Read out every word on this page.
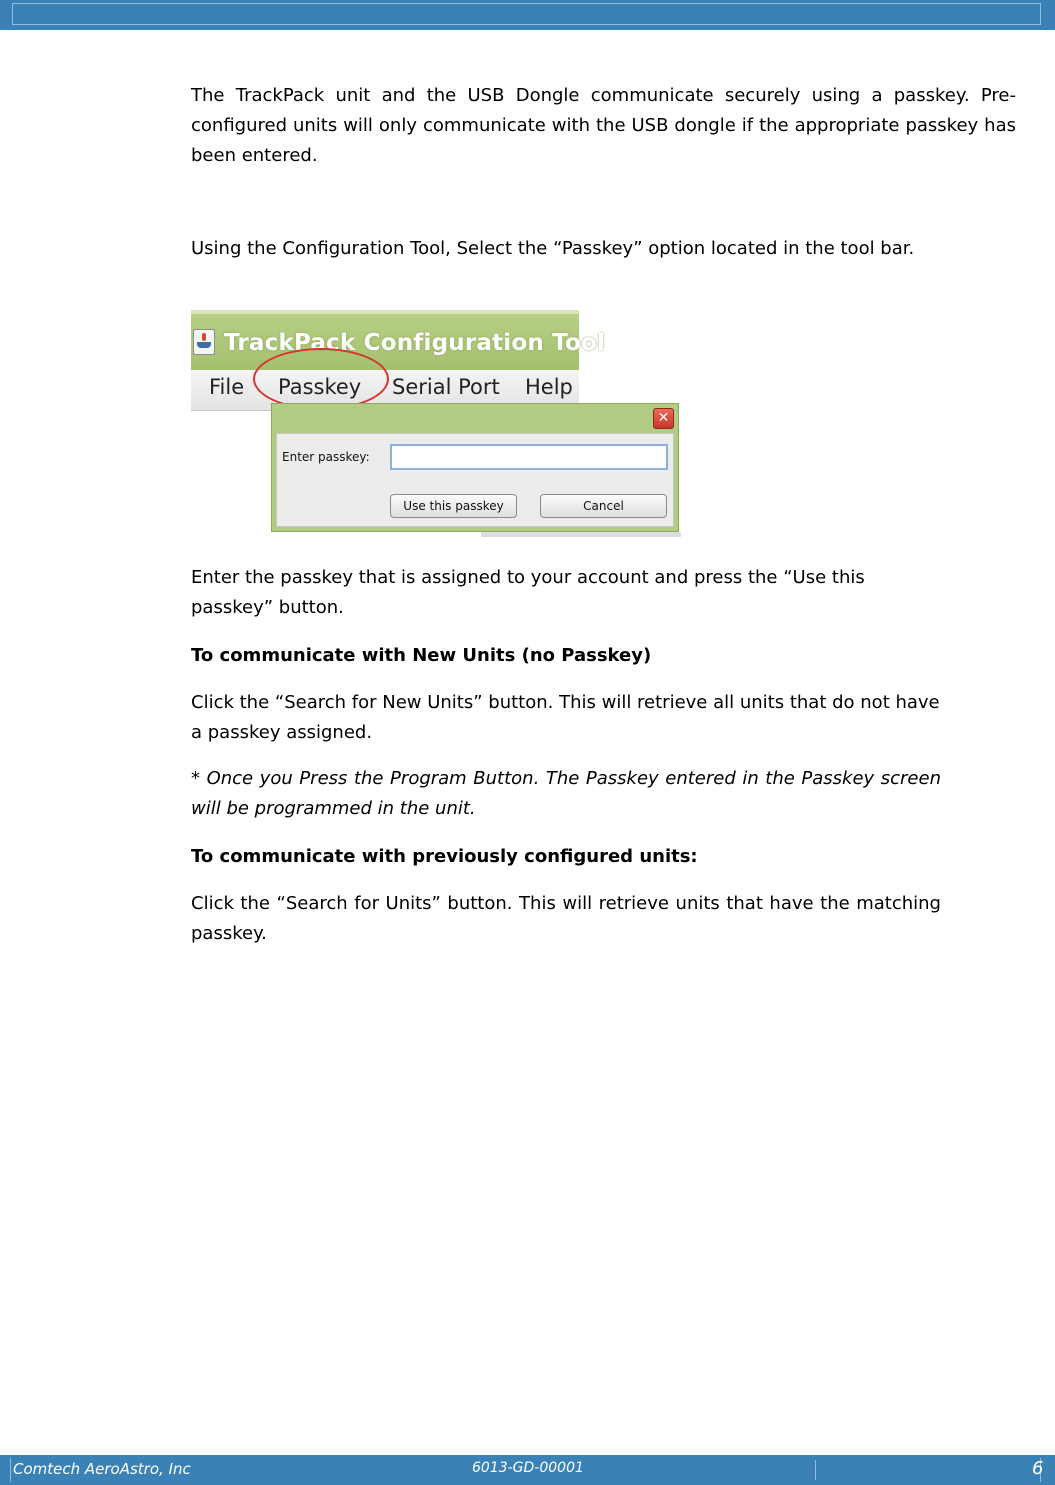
The TrackPack unit and the USB Dongle communicate securely using a passkey. Pre-configured units will only communicate with the USB dongle if the appropriate passkey has been entered.

Using the Configuration Tool, Select the “Passkey” option located in the tool bar.

Enter the passkey that is assigned to your account and press the “Use this passkey” button.

To communicate with New Units (no Passkey)

Click the “Search for New Units” button. This will retrieve all units that do not have a passkey assigned.

* Once you Press the Program Button. The Passkey entered in the Passkey screen will be programmed in the unit.

To communicate with previously configured units:

Click the “Search for Units” button. This will retrieve units that have the matching passkey.

TrackPack Configuration Tool
File Passkey Serial Port Help
✕
Enter passkey:
Use this passkey	Cancel
Comtech AeroAstro, Inc	6013-GD-00001	6
